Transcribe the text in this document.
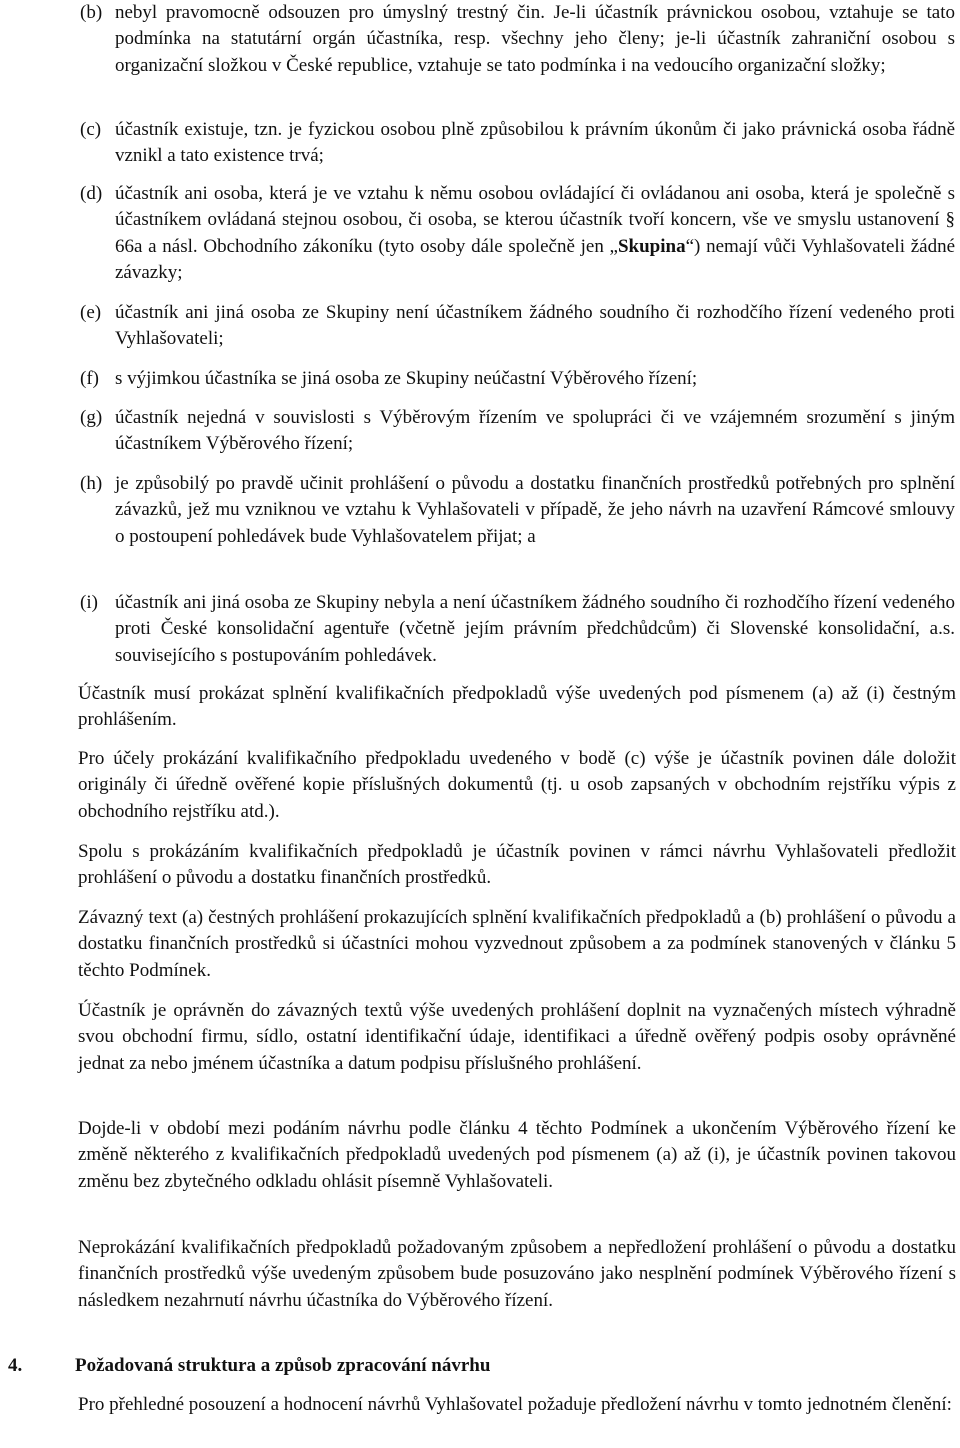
(b) nebyl pravomocně odsouzen pro úmyslný trestný čin. Je-li účastník právnickou osobou, vztahuje se tato podmínka na statutární orgán účastníka, resp. všechny jeho členy; je-li účastník zahraniční osobou s organizační složkou v České republice, vztahuje se tato podmínka i na vedoucího organizační složky;
(c) účastník existuje, tzn. je fyzickou osobou plně způsobilou k právním úkonům či jako právnická osoba řádně vznikl a tato existence trvá;
(d) účastník ani osoba, která je ve vztahu k němu osobou ovládající či ovládanou ani osoba, která je společně s účastníkem ovládaná stejnou osobou, či osoba, se kterou účastník tvoří koncern, vše ve smyslu ustanovení § 66a a násl. Obchodního zákoníku (tyto osoby dále společně jen „Skupina“) nemají vůči Vyhlašovateli žádné závazky;
(e) účastník ani jiná osoba ze Skupiny není účastníkem žádného soudního či rozhodčího řízení vedeného proti Vyhlašovateli;
(f) s výjimkou účastníka se jiná osoba ze Skupiny neúčastní Výběrového řízení;
(g) účastník nejedná v souvislosti s Výběrovým řízením ve spolupráci či ve vzájemném srozumění s jiným účastníkem Výběrového řízení;
(h) je způsobilý po pravdě učinit prohlášení o původu a dostatku finančních prostředků potřebných pro splnění závazků, jež mu vzniknou ve vztahu k Vyhlašovateli v případě, že jeho návrh na uzavření Rámcové smlouvy o postoupení pohledávek bude Vyhlašovatelem přijat; a
(i) účastník ani jiná osoba ze Skupiny nebyla a není účastníkem žádného soudního či rozhodčího řízení vedeného proti České konsolidační agentuře (včetně jejím právním předchůdcům) či Slovenské konsolidační, a.s. souvisejícího s postupováním pohledávek.
Účastník musí prokázat splnění kvalifikačních předpokladů výše uvedených pod písmenem (a) až (i) čestným prohlášením.
Pro účely prokázání kvalifikačního předpokladu uvedeného v bodě (c) výše je účastník povinen dále doložit originály či úředně ověřené kopie příslušných dokumentů (tj. u osob zapsaných v obchodním rejstříku výpis z obchodního rejstříku atd.).
Spolu s prokázáním kvalifikačních předpokladů je účastník povinen v rámci návrhu Vyhlašovateli předložit prohlášení o původu a dostatku finančních prostředků.
Závazný text (a) čestných prohlášení prokazujících splnění kvalifikačních předpokladů a (b) prohlášení o původu a dostatku finančních prostředků si účastníci mohou vyzvednout způsobem a za podmínek stanovených v článku 5 těchto Podmínek.
Účastník je oprávněn do závazných textů výše uvedených prohlášení doplnit na vyznačených místech výhradně svou obchodní firmu, sídlo, ostatní identifikační údaje, identifikaci a úředně ověřený podpis osoby oprávněné jednat za nebo jménem účastníka a datum podpisu příslušného prohlášení.
Dojde-li v období mezi podáním návrhu podle článku 4 těchto Podmínek a ukončením Výběrového řízení ke změně některého z kvalifikačních předpokladů uvedených pod písmenem (a) až (i), je účastník povinen takovou změnu bez zbytečného odkladu ohlásit písemně Vyhlašovateli.
Neprokázání kvalifikačních předpokladů požadovaným způsobem a nepředložení prohlášení o původu a dostatku finančních prostředků výše uvedeným způsobem bude posuzováno jako nesplnění podmínek Výběrového řízení s následkem nezahrnutí návrhu účastníka do Výběrového řízení.
4.	Požadovaná struktura a způsob zpracování návrhu
Pro přehledné posouzení a hodnocení návrhů Vyhlašovatel požaduje předložení návrhu v tomto jednotném členění:
